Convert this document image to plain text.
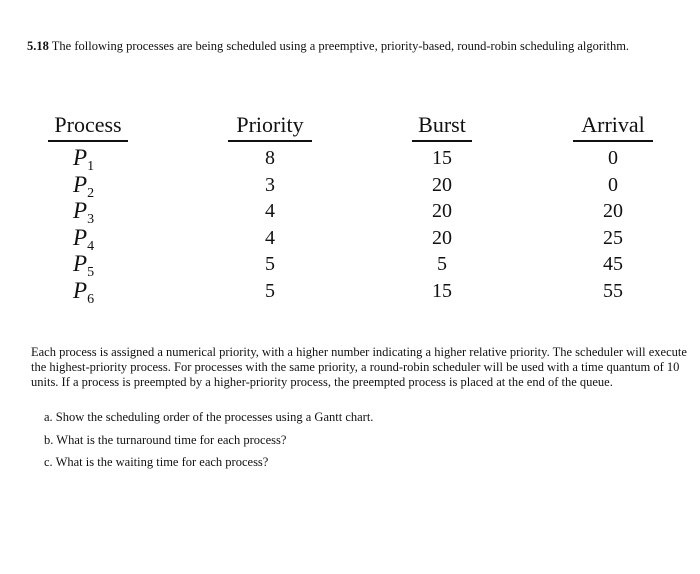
5.18 The following processes are being scheduled using a preemptive, priority-based, round-robin scheduling algorithm.
Process
$P_1$
$P_2$
$P_3$
$P_4$
$P_5$
$P_6$
Priority
8
3
4
4
5
5
Burst
15
20
20
20
5
15
Arrival
0
0
20
25
45
55
Each process is assigned a numerical priority, with a higher number indicating a higher relative priority. The scheduler will execute the highest-priority process. For processes with the same priority, a round-robin scheduler will be used with a time quantum of 10 units. If a process is preempted by a higher-priority process, the preempted process is placed at the end of the queue.
a. Show the scheduling order of the processes using a Gantt chart.
b. What is the turnaround time for each process?
c. What is the waiting time for each process?
